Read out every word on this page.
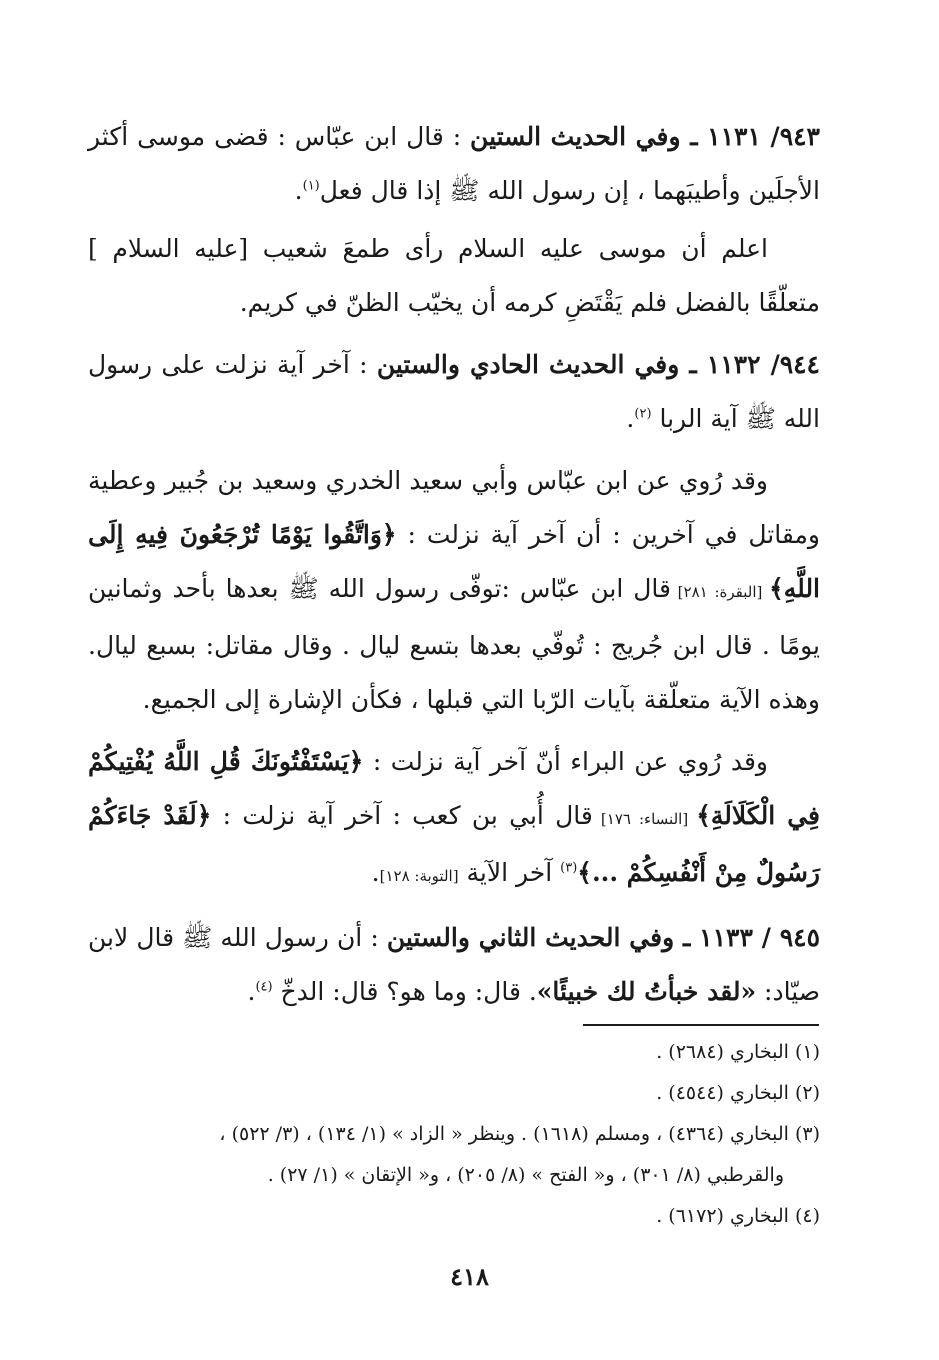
٩٤٣/ ١١٣١ ـ وفي الحديث الستين : قال ابن عبّاس : قضى موسى أكثر الأجلَين وأطيبَهما ، إن رسول الله ﷺ إذا قال فعل$^{(١)}$.

اعلم أن موسى عليه السلام رأى طمعَ شعيب [عليه السلام ] متعلّقًا بالفضل فلم يَقْتَضِ كرمه أن يخيّب الظنّ في كريم.

٩٤٤/ ١١٣٢ ـ وفي الحديث الحادي والستين : آخر آية نزلت على رسول الله ﷺ آية الربا $^{(٢)}$.

وقد رُوي عن ابن عبّاس وأبي سعيد الخدري وسعيد بن جُبير وعطية ومقاتل في آخرين : أن آخر آية نزلت : ﴿وَاتَّقُوا يَوْمًا تُرْجَعُونَ فِيهِ إِلَى اللَّهِ﴾ [البقرة: ٢٨١] قال ابن عبّاس :توفّى رسول الله ﷺ بعدها بأحد وثمانين يومًا . قال ابن جُريج : تُوفّي بعدها بتسع ليال . وقال مقاتل: بسبع ليال. وهذه الآية متعلّقة بآيات الرّبا التي قبلها ، فكأن الإشارة إلى الجميع.

وقد رُوي عن البراء أنّ آخر آية نزلت : ﴿يَسْتَفْتُونَكَ قُلِ اللَّهُ يُفْتِيكُمْ فِي الْكَلَالَةِ﴾ [النساء: ١٧٦] قال أُبي بن كعب : آخر آية نزلت : ﴿لَقَدْ جَاءَكُمْ رَسُولٌ مِنْ أَنْفُسِكُمْ ...﴾$^{(٣)}$ آخر الآية [التوبة: ١٢٨].

٩٤٥ / ١١٣٣ ـ وفي الحديث الثاني والستين : أن رسول الله ﷺ قال لابن صيّاد: «لقد خبأتُ لك خبيئًا». قال: وما هو؟ قال: الدخّ $^{(٤)}$.

(١) البخاري (٢٦٨٤) .

(٢) البخاري (٤٥٤٤) .

(٣) البخاري (٤٣٦٤) ، ومسلم (١٦١٨) . وينظر « الزاد » (١/ ١٣٤) ، (٣/ ٥٢٢) ،

والقرطبي (٨/ ٣٠١) ، و« الفتح » (٨/ ٢٠٥) ، و« الإتقان » (١/ ٢٧) .

(٤) البخاري (٦١٧٢) .

٤١٨
